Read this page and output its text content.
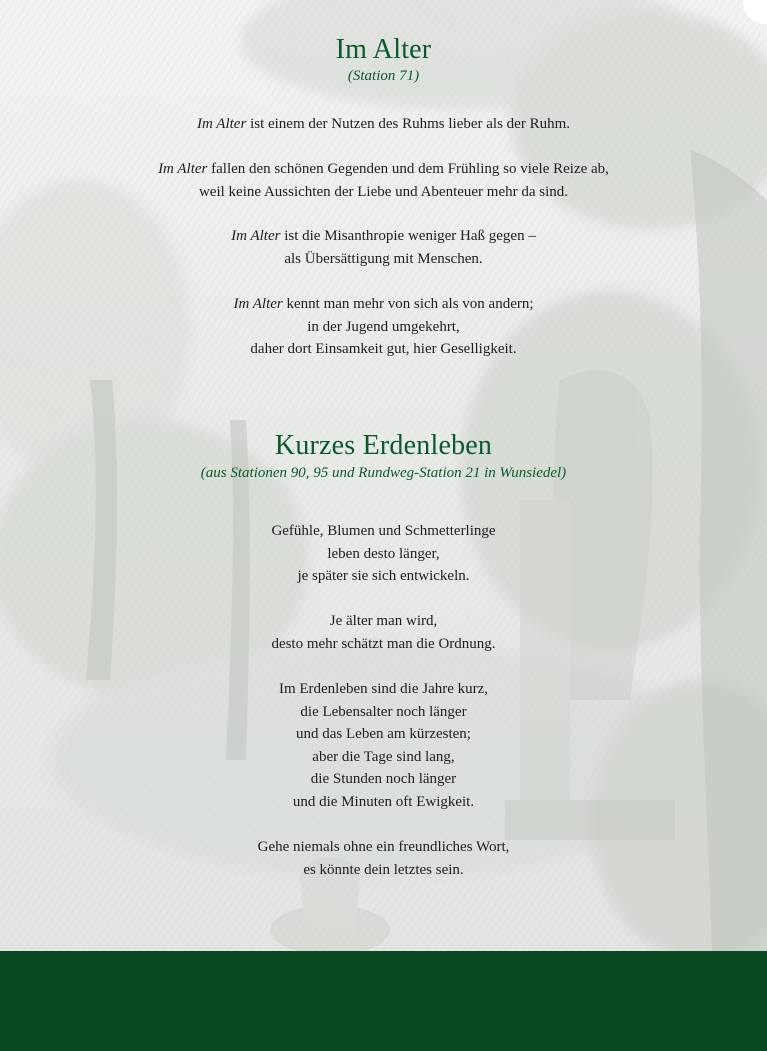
Im Alter
(Station 71)

Im Alter ist einem der Nutzen des Ruhms lieber als der Ruhm.

Im Alter fallen den schönen Gegenden und dem Frühling so viele Reize ab,
weil keine Aussichten der Liebe und Abenteuer mehr da sind.

Im Alter ist die Misanthropie weniger Haß gegen –
als Übersättigung mit Menschen.

Im Alter kennt man mehr von sich als von andern;
in der Jugend umgekehrt,
daher dort Einsamkeit gut, hier Geselligkeit.

Kurzes Erdenleben
(aus Stationen 90, 95 und Rundweg-Station 21 in Wunsiedel)

Gefühle, Blumen und Schmetterlinge
leben desto länger,
je später sie sich entwickeln.

Je älter man wird,
desto mehr schätzt man die Ordnung.

Im Erdenleben sind die Jahre kurz,
die Lebensalter noch länger
und das Leben am kürzesten;
aber die Tage sind lang,
die Stunden noch länger
und die Minuten oft Ewigkeit.

Gehe niemals ohne ein freundliches Wort,
es könnte dein letztes sein.
